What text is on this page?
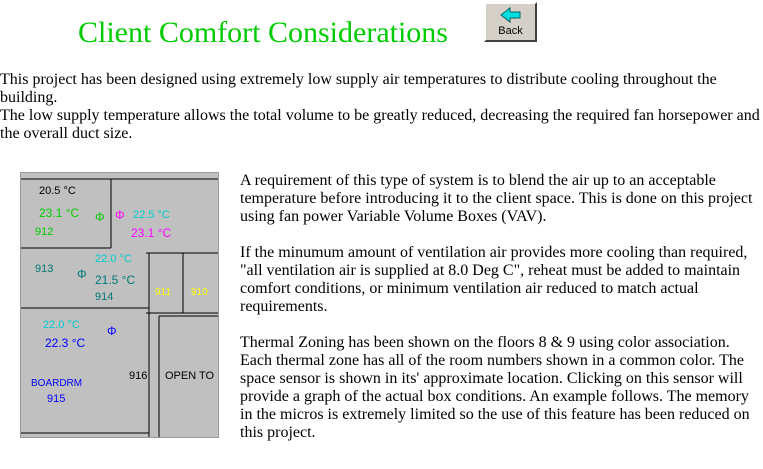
Client Comfort Considerations	Back

This project has been designed using extremely low supply air temperatures to distribute cooling throughout the building.

The low supply temperature allows the total volume to be greatly reduced, decreasing the required fan horsepower and the overall duct size.

20.5 °C
23.1 °C
912
Φ Φ 22.5 °C
23.1 °C
913 Φ
22.0 °C
21.5 °C
914	911 910
22.0 °C Φ
22.3 °C
BOARDRM
915
916 OPEN TO

A requirement of this type of system is to blend the air up to an acceptable temperature before introducing it to the client space. This is done on this project using fan power Variable Volume Boxes (VAV).

If the minumum amount of ventilation air provides more cooling than required, "all ventilation air is supplied at 8.0 Deg C", reheat must be added to maintain comfort conditions, or minimum ventilation air reduced to match actual requirements.

Thermal Zoning has been shown on the floors 8 & 9 using color association. Each thermal zone has all of the room numbers shown in a common color. The space sensor is shown in its' approximate location. Clicking on this sensor will provide a graph of the actual box conditions. An example follows. The memory in the micros is extremely limited so the use of this feature has been reduced on this project.
